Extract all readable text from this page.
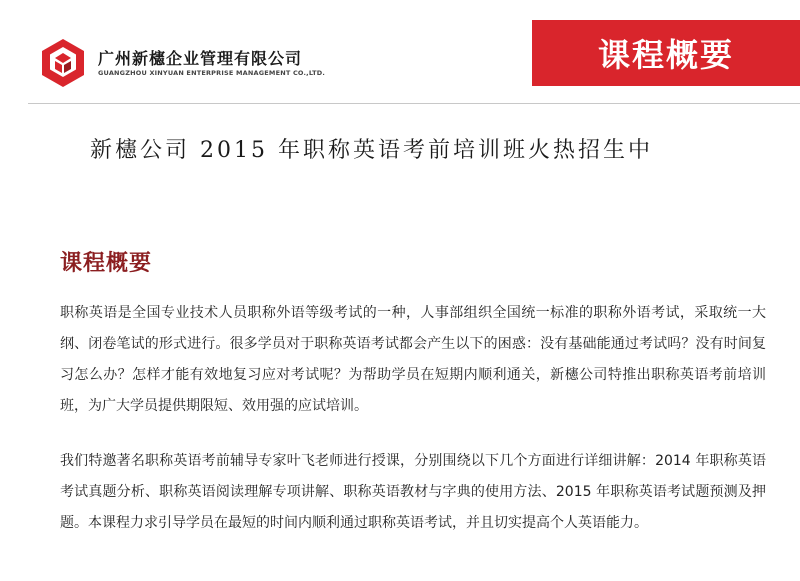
广州新櫶企业管理有限公司
GUANGZHOU XINYUAN ENTERPRISE MANAGEMENT CO.,LTD.	课程概要
新櫶公司 2015 年职称英语考前培训班火热招生中
课程概要

职称英语是全国专业技术人员职称外语等级考试的一种，人事部组织全国统一标准的职称外语考试，采取统一大纲、闭卷笔试的形式进行。很多学员对于职称英语考试都会产生以下的困惑：没有基础能通过考试吗？没有时间复习怎么办？怎样才能有效地复习应对考试呢？为帮助学员在短期内顺利通关，新櫶公司特推出职称英语考前培训班，为广大学员提供期限短、效用强的应试培训。

我们特邀著名职称英语考前辅导专家叶飞老师进行授课，分别围绕以下几个方面进行详细讲解：2014 年职称英语考试真题分析、职称英语阅读理解专项讲解、职称英语教材与字典的使用方法、2015 年职称英语考试题预测及押题。本课程力求引导学员在最短的时间内顺利通过职称英语考试，并且切实提高个人英语能力。
